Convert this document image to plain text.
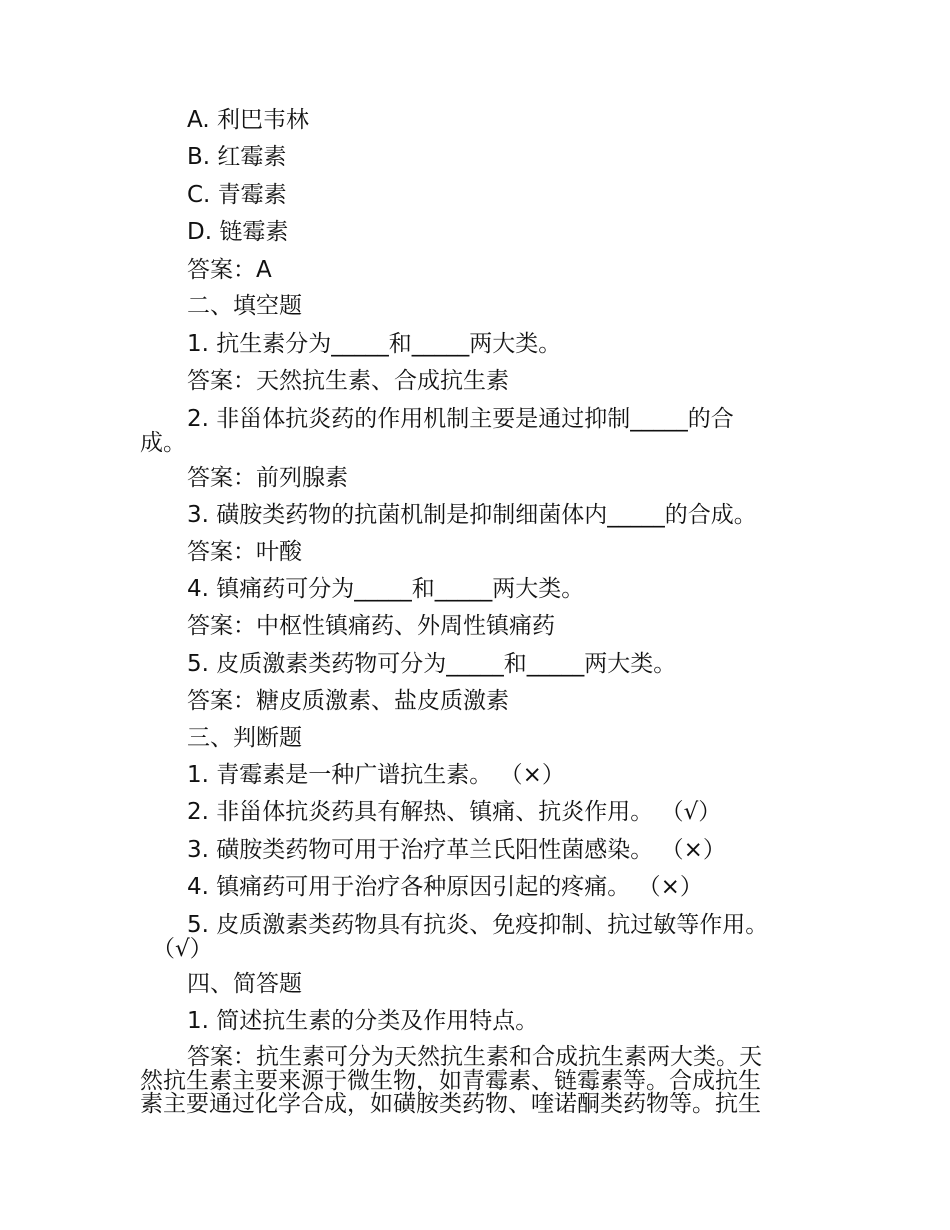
A. 利巴韦林
B. 红霉素
C. 青霉素
D. 链霉素
答案：A
二、填空题
1. 抗生素分为_____和_____两大类。
答案：天然抗生素、合成抗生素
2. 非甾体抗炎药的作用机制主要是通过抑制_____的合
成。
答案：前列腺素
3. 磺胺类药物的抗菌机制是抑制细菌体内_____的合成。
答案：叶酸
4. 镇痛药可分为_____和_____两大类。
答案：中枢性镇痛药、外周性镇痛药
5. 皮质激素类药物可分为_____和_____两大类。
答案：糖皮质激素、盐皮质激素
三、判断题
1. 青霉素是一种广谱抗生素。 （×）
2. 非甾体抗炎药具有解热、镇痛、抗炎作用。 （√）
3. 磺胺类药物可用于治疗革兰氏阳性菌感染。 （×）
4. 镇痛药可用于治疗各种原因引起的疼痛。 （×）
5. 皮质激素类药物具有抗炎、免疫抑制、抗过敏等作用。
（√）
四、简答题
1. 简述抗生素的分类及作用特点。
答案：抗生素可分为天然抗生素和合成抗生素两大类。天
然抗生素主要来源于微生物，如青霉素、链霉素等。合成抗生
素主要通过化学合成，如磺胺类药物、喹诺酮类药物等。抗生
